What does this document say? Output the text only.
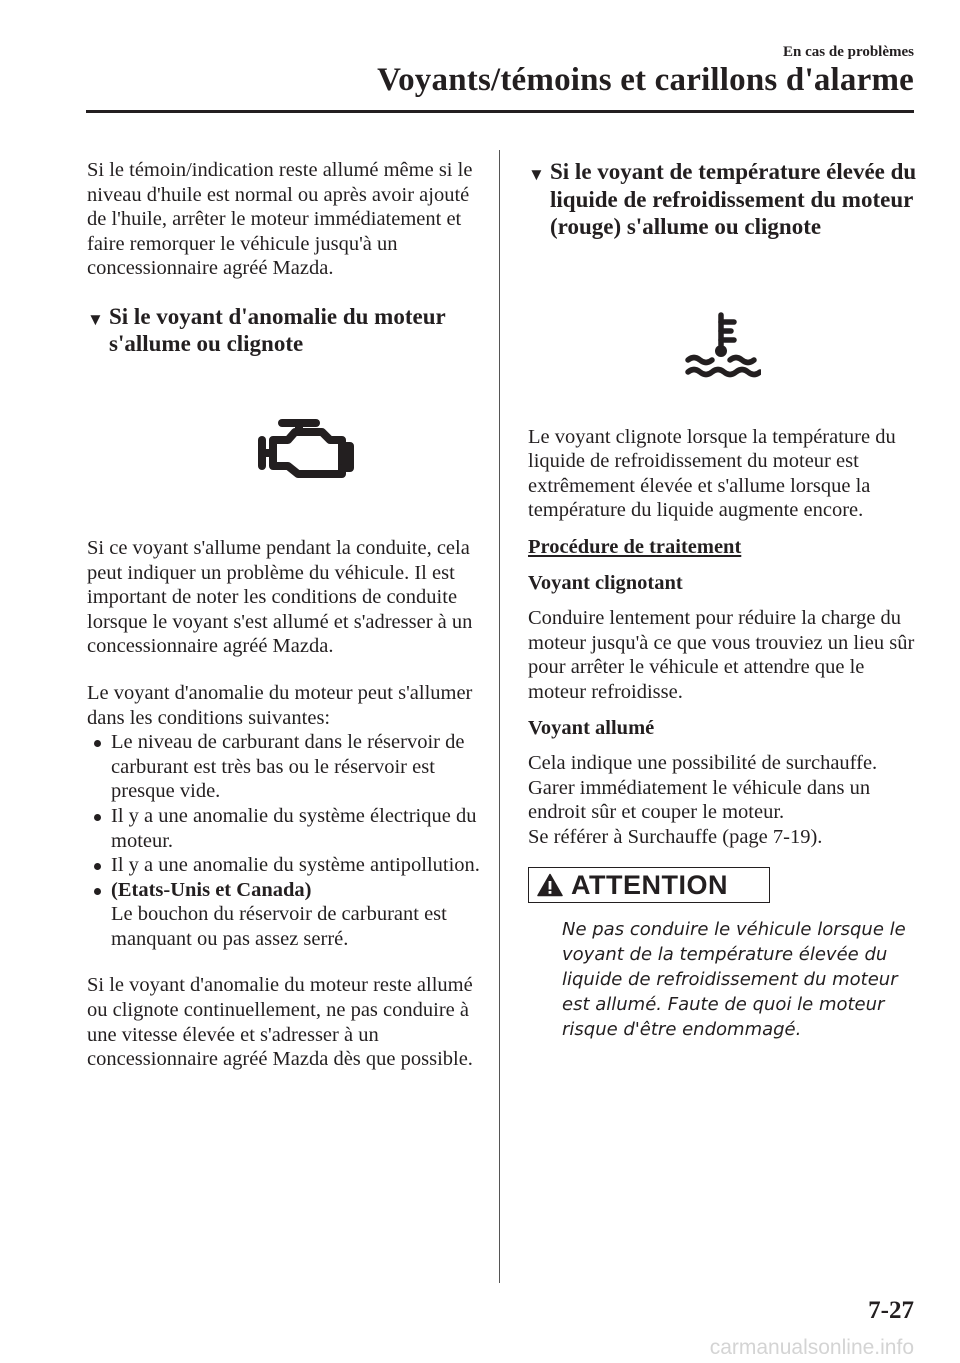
En cas de problèmes
Voyants/témoins et carillons d'alarme

Si le témoin/indication reste allumé même si le niveau d'huile est normal ou après avoir ajouté de l'huile, arrêter le moteur immédiatement et faire remorquer le véhicule jusqu'à un concessionnaire agréé Mazda.

▼ Si le voyant d'anomalie du moteur s'allume ou clignote

Si ce voyant s'allume pendant la conduite, cela peut indiquer un problème du véhicule. Il est important de noter les conditions de conduite lorsque le voyant s'est allumé et s'adresser à un concessionnaire agréé Mazda.

Le voyant d'anomalie du moteur peut s'allumer dans les conditions suivantes:

Le niveau de carburant dans le réservoir de carburant est très bas ou le réservoir est presque vide.
Il y a une anomalie du système électrique du moteur.
Il y a une anomalie du système antipollution.
(Etats-Unis et Canada)
Le bouchon du réservoir de carburant est manquant ou pas assez serré.

Si le voyant d'anomalie du moteur reste allumé ou clignote continuellement, ne pas conduire à une vitesse élevée et s'adresser à un concessionnaire agréé Mazda dès que possible.

▼ Si le voyant de température élevée du liquide de refroidissement du moteur (rouge) s'allume ou clignote

Le voyant clignote lorsque la température du liquide de refroidissement du moteur est extrêmement élevée et s'allume lorsque la température du liquide augmente encore.

Procédure de traitement

Voyant clignotant

Conduire lentement pour réduire la charge du moteur jusqu'à ce que vous trouviez un lieu sûr pour arrêter le véhicule et attendre que le moteur refroidisse.

Voyant allumé

Cela indique une possibilité de surchauffe. Garer immédiatement le véhicule dans un endroit sûr et couper le moteur.

Se référer à Surchauffe (page 7-19).

ATTENTION

Ne pas conduire le véhicule lorsque le voyant de la température élevée du liquide de refroidissement du moteur est allumé. Faute de quoi le moteur risque d'être endommagé.

7-27
carmanualsonline.info
